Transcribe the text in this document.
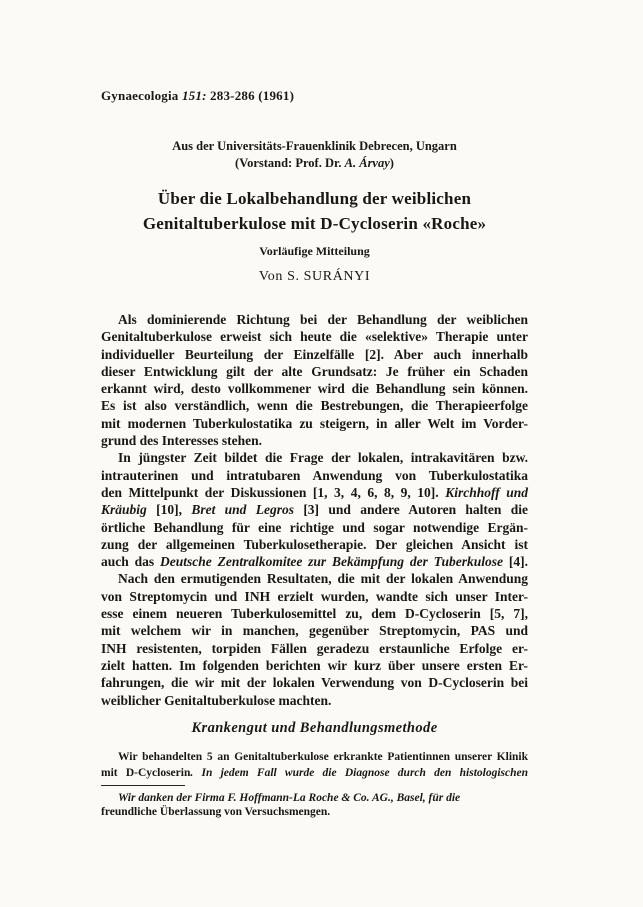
Gynaecologia 151: 283-286 (1961)
Aus der Universitäts-Frauenklinik Debrecen, Ungarn
(Vorstand: Prof. Dr. A. Árvay)
Über die Lokalbehandlung der weiblichen
Genitaltuberkulose mit D-Cycloserin «Roche»
Vorläufige Mitteilung
Von S. SURÁNYI
Als dominierende Richtung bei der Behandlung der weiblichen
Genitaltuberkulose erweist sich heute die «selektive» Therapie unter
individueller Beurteilung der Einzelfälle [2]. Aber auch innerhalb
dieser Entwicklung gilt der alte Grundsatz: Je früher ein Schaden
erkannt wird, desto vollkommener wird die Behandlung sein können.
Es ist also verständlich, wenn die Bestrebungen, die Therapieerfolge
mit modernen Tuberkulostatika zu steigern, in aller Welt im Vorder-
grund des Interesses stehen.
In jüngster Zeit bildet die Frage der lokalen, intrakavitären bzw.
intrauterinen und intratubaren Anwendung von Tuberkulostatika
den Mittelpunkt der Diskussionen [1, 3, 4, 6, 8, 9, 10]. Kirchhoff und
Kräubig [10], Bret und Legros [3] und andere Autoren halten die
örtliche Behandlung für eine richtige und sogar notwendige Ergän-
zung der allgemeinen Tuberkulosetherapie. Der gleichen Ansicht ist
auch das Deutsche Zentralkomitee zur Bekämpfung der Tuberkulose [4].
Nach den ermutigenden Resultaten, die mit der lokalen Anwendung
von Streptomycin und INH erzielt wurden, wandte sich unser Inter-
esse einem neueren Tuberkulosemittel zu, dem D-Cycloserin [5, 7],
mit welchem wir in manchen, gegenüber Streptomycin, PAS und
INH resistenten, torpiden Fällen geradezu erstaunliche Erfolge er-
zielt hatten. Im folgenden berichten wir kurz über unsere ersten Er-
fahrungen, die wir mit der lokalen Verwendung von D-Cycloserin bei
weiblicher Genitaltuberkulose machten.
Krankengut und Behandlungsmethode
Wir behandelten 5 an Genitaltuberkulose erkrankte Patientinnen unserer Klinik
mit D-Cycloserin. In jedem Fall wurde die Diagnose durch den histologischen
Wir danken der Firma F. Hoffmann-La Roche & Co. AG., Basel, für die
freundliche Überlassung von Versuchsmengen.
